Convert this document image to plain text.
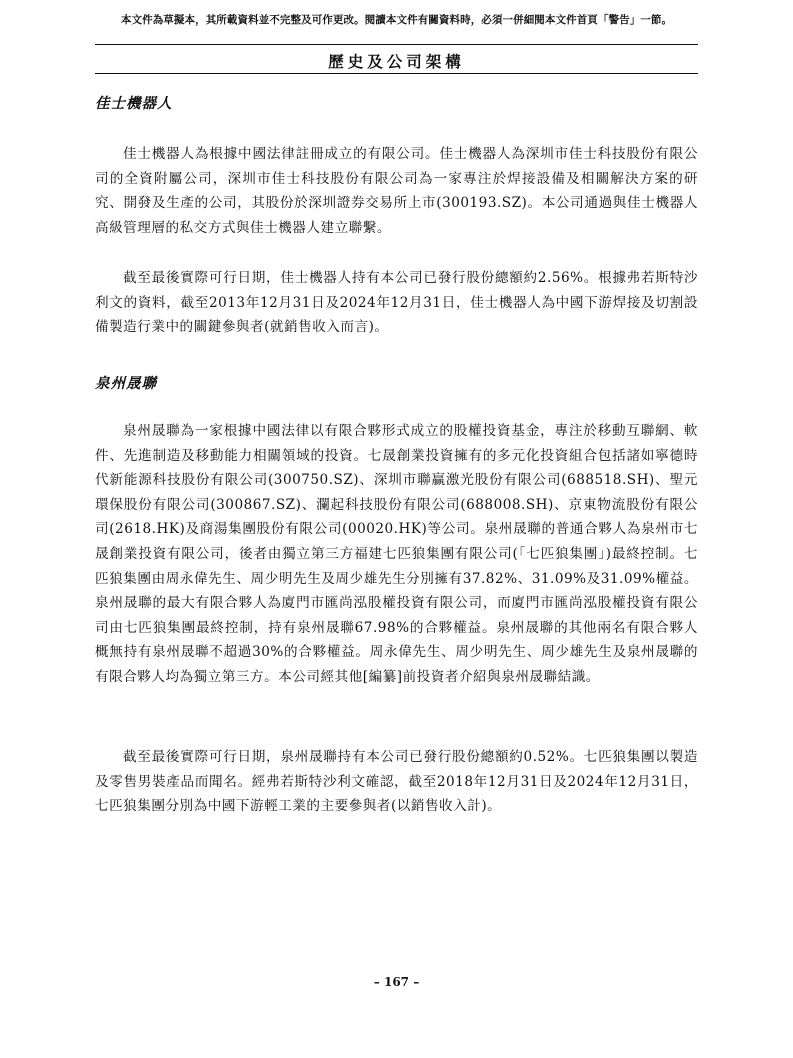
本文件為草擬本，其所載資料並不完整及可作更改。閱讀本文件有關資料時，必須一併細閱本文件首頁「警告」一節。
歷史及公司架構
佳士機器人

佳士機器人為根據中國法律註冊成立的有限公司。佳士機器人為深圳市佳士科技股份有限公司的全資附屬公司，深圳市佳士科技股份有限公司為一家專注於焊接設備及相關解決方案的研究、開發及生產的公司，其股份於深圳證券交易所上市(300193.SZ)。本公司通過與佳士機器人高級管理層的私交方式與佳士機器人建立聯繫。

截至最後實際可行日期，佳士機器人持有本公司已發行股份總額約2.56%。根據弗若斯特沙利文的資料，截至2013年12月31日及2024年12月31日，佳士機器人為中國下游焊接及切割設備製造行業中的關鍵參與者(就銷售收入而言)。

泉州晟聯

泉州晟聯為一家根據中國法律以有限合夥形式成立的股權投資基金，專注於移動互聯網、軟件、先進制造及移動能力相關領域的投資。七晟創業投資擁有的多元化投資組合包括諸如寧德時代新能源科技股份有限公司(300750.SZ)、深圳市聯贏激光股份有限公司(688518.SH)、聖元環保股份有限公司(300867.SZ)、瀾起科技股份有限公司(688008.SH)、京東物流股份有限公司(2618.HK)及商湯集團股份有限公司(00020.HK)等公司。泉州晟聯的普通合夥人為泉州市七晟創業投資有限公司，後者由獨立第三方福建七匹狼集團有限公司(「七匹狼集團」)最終控制。七匹狼集團由周永偉先生、周少明先生及周少雄先生分別擁有37.82%、31.09%及31.09%權益。泉州晟聯的最大有限合夥人為廈門市匯尚泓股權投資有限公司，而廈門市匯尚泓股權投資有限公司由七匹狼集團最終控制，持有泉州晟聯67.98%的合夥權益。泉州晟聯的其他兩名有限合夥人概無持有泉州晟聯不超過30%的合夥權益。周永偉先生、周少明先生、周少雄先生及泉州晟聯的有限合夥人均為獨立第三方。本公司經其他[編纂]前投資者介紹與泉州晟聯結識。

截至最後實際可行日期，泉州晟聯持有本公司已發行股份總額約0.52%。七匹狼集團以製造及零售男裝產品而聞名。經弗若斯特沙利文確認，截至2018年12月31日及2024年12月31日，七匹狼集團分別為中國下游輕工業的主要參與者(以銷售收入計)。

– 167 –
